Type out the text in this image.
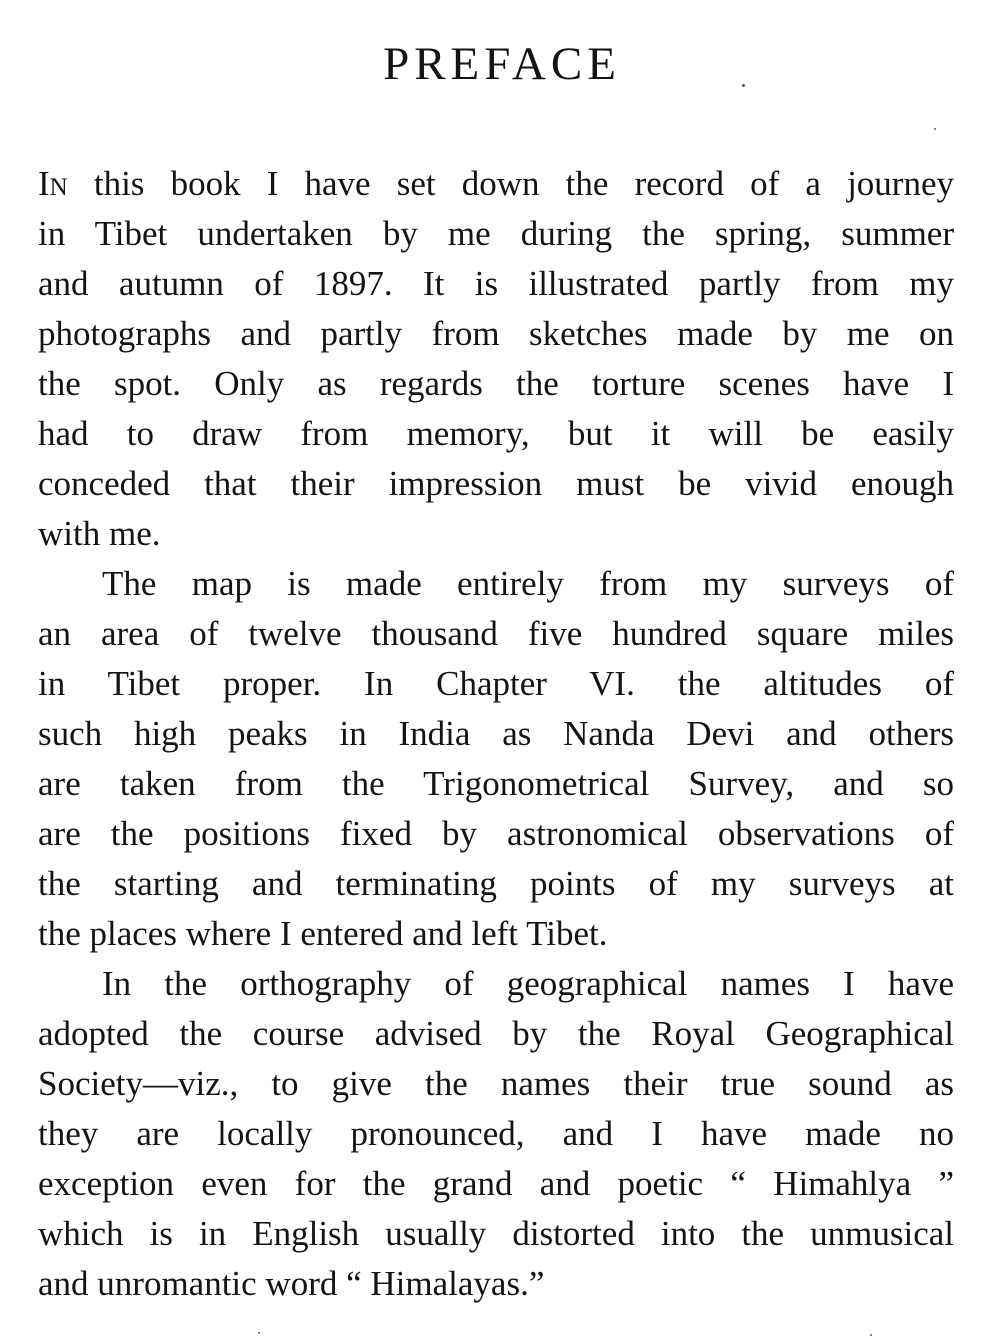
PREFACE
In this book I have set down the record of a journey
in Tibet undertaken by me during the spring, summer
and autumn of 1897. It is illustrated partly from my
photographs and partly from sketches made by me on
the spot. Only as regards the torture scenes have I
had to draw from memory, but it will be easily
conceded that their impression must be vivid enough
with me.
The map is made entirely from my surveys of
an area of twelve thousand five hundred square miles
in Tibet proper. In Chapter VI. the altitudes of
such high peaks in India as Nanda Devi and others
are taken from the Trigonometrical Survey, and so
are the positions fixed by astronomical observations of
the starting and terminating points of my surveys at
the places where I entered and left Tibet.
In the orthography of geographical names I have
adopted the course advised by the Royal Geographical
Society—viz., to give the names their true sound as
they are locally pronounced, and I have made no
exception even for the grand and poetic “ Himahlya ”
which is in English usually distorted into the unmusical
and unromantic word “ Himalayas.”
